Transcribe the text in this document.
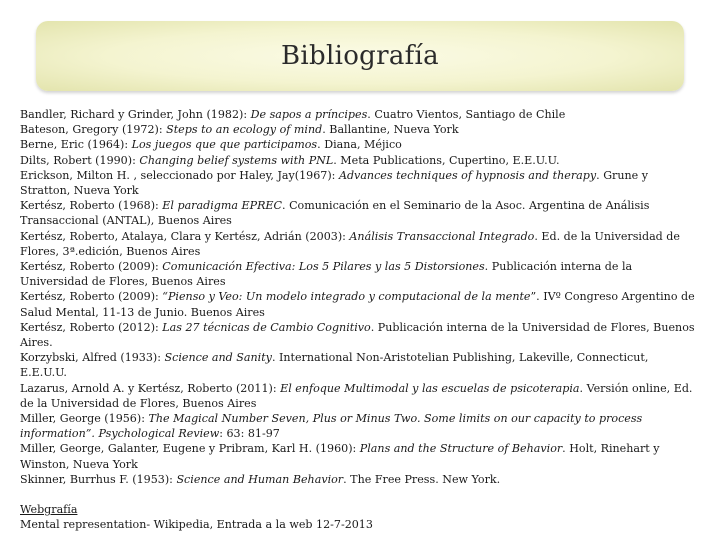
Bibliografía
Bandler, Richard y Grinder, John (1982): De sapos a príncipes. Cuatro Vientos, Santiago de Chile
Bateson, Gregory (1972): Steps to an ecology of mind. Ballantine, Nueva York
Berne, Eric (1964): Los juegos que que participamos. Diana, Méjico
Dilts, Robert (1990): Changing belief systems with PNL. Meta Publications, Cupertino, E.E.U.U.
Erickson, Milton H. , seleccionado por Haley, Jay(1967): Advances techniques of hypnosis and therapy. Grune y Stratton, Nueva York
Kertész, Roberto (1968): El paradigma EPREC. Comunicación en el Seminario de la Asoc. Argentina de Análisis Transaccional (ANTAL), Buenos Aires
Kertész, Roberto, Atalaya, Clara y Kertész, Adrián (2003): Análisis Transaccional Integrado. Ed. de la Universidad de Flores, 3ª.edición, Buenos Aires
Kertész, Roberto (2009): Comunicación Efectiva: Los 5 Pilares y las 5 Distorsiones. Publicación interna de la Universidad de Flores, Buenos Aires
Kertész, Roberto (2009): “Pienso y Veo: Un modelo integrado y computacional de la mente”. IVº Congreso Argentino de Salud Mental, 11-13 de Junio. Buenos Aires
Kertész, Roberto (2012): Las 27 técnicas de Cambio Cognitivo. Publicación interna de la Universidad de Flores, Buenos Aires.
Korzybski, Alfred (1933): Science and Sanity. International Non-Aristotelian Publishing, Lakeville, Connecticut, E.E.U.U.
Lazarus, Arnold A. y Kertész, Roberto (2011): El enfoque Multimodal y las escuelas de psicoterapia. Versión online, Ed. de la Universidad de Flores, Buenos Aires
Miller, George (1956): The Magical Number Seven, Plus or Minus Two. Some limits on our capacity to process information”. Psychological Review: 63: 81-97
Miller, George, Galanter, Eugene y Pribram, Karl H. (1960): Plans and the Structure of Behavior. Holt, Rinehart y Winston, Nueva York
Skinner, Burrhus F. (1953): Science and Human Behavior. The Free Press. New York.
Webgrafía
Mental representation- Wikipedia, Entrada a la web 12-7-2013
